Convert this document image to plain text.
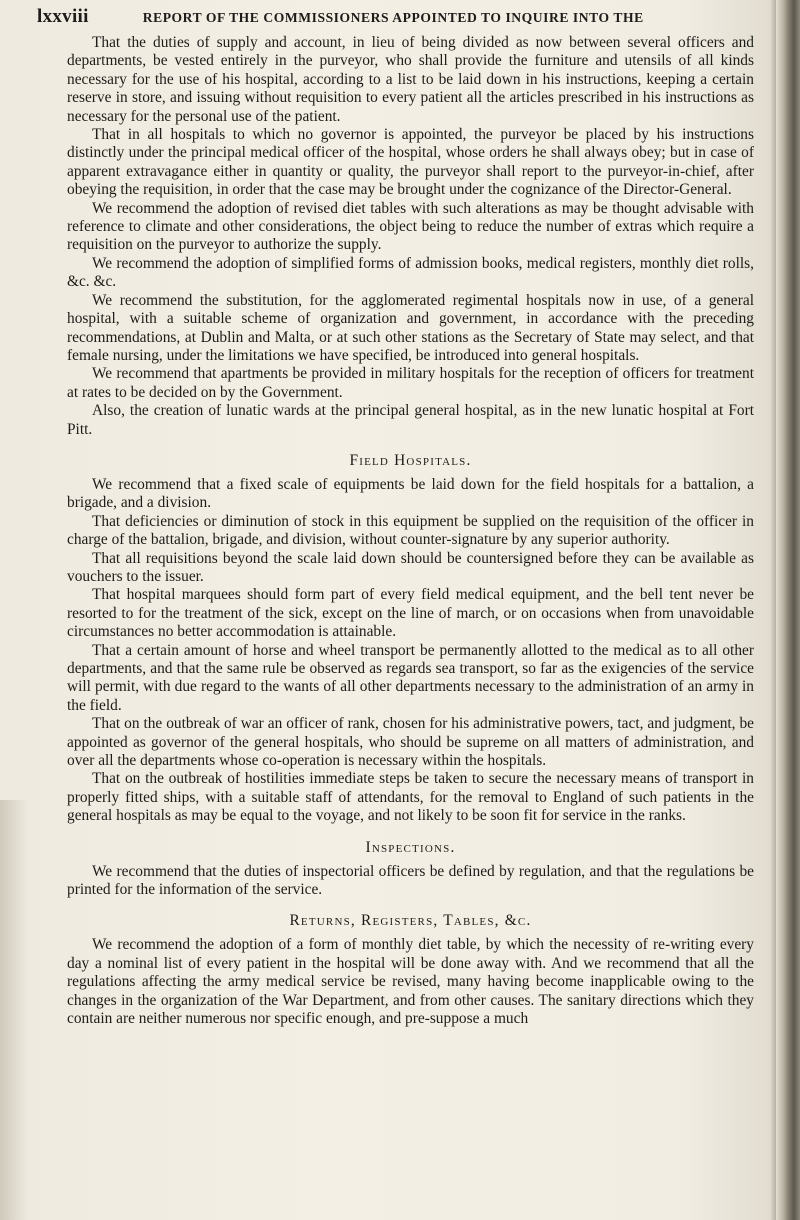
lxxviii	REPORT OF THE COMMISSIONERS APPOINTED TO INQUIRE INTO THE

That the duties of supply and account, in lieu of being divided as now between several officers and departments, be vested entirely in the purveyor, who shall provide the furniture and utensils of all kinds necessary for the use of his hospital, according to a list to be laid down in his instructions, keeping a certain reserve in store, and issuing without requisition to every patient all the articles prescribed in his instructions as necessary for the personal use of the patient.

That in all hospitals to which no governor is appointed, the purveyor be placed by his instructions distinctly under the principal medical officer of the hospital, whose orders he shall always obey; but in case of apparent extravagance either in quantity or quality, the purveyor shall report to the purveyor-in-chief, after obeying the requisition, in order that the case may be brought under the cognizance of the Director-General.

We recommend the adoption of revised diet tables with such alterations as may be thought advisable with reference to climate and other considerations, the object being to reduce the number of extras which require a requisition on the purveyor to authorize the supply.

We recommend the adoption of simplified forms of admission books, medical registers, monthly diet rolls, &c. &c.

We recommend the substitution, for the agglomerated regimental hospitals now in use, of a general hospital, with a suitable scheme of organization and government, in accordance with the preceding recommendations, at Dublin and Malta, or at such other stations as the Secretary of State may select, and that female nursing, under the limitations we have specified, be introduced into general hospitals.

We recommend that apartments be provided in military hospitals for the reception of officers for treatment at rates to be decided on by the Government.

Also, the creation of lunatic wards at the principal general hospital, as in the new lunatic hospital at Fort Pitt.

Field Hospitals.

We recommend that a fixed scale of equipments be laid down for the field hospitals for a battalion, a brigade, and a division.

That deficiencies or diminution of stock in this equipment be supplied on the requisition of the officer in charge of the battalion, brigade, and division, without counter-signature by any superior authority.

That all requisitions beyond the scale laid down should be countersigned before they can be available as vouchers to the issuer.

That hospital marquees should form part of every field medical equipment, and the bell tent never be resorted to for the treatment of the sick, except on the line of march, or on occasions when from unavoidable circumstances no better accommodation is attainable.

That a certain amount of horse and wheel transport be permanently allotted to the medical as to all other departments, and that the same rule be observed as regards sea transport, so far as the exigencies of the service will permit, with due regard to the wants of all other departments necessary to the administration of an army in the field.

That on the outbreak of war an officer of rank, chosen for his administrative powers, tact, and judgment, be appointed as governor of the general hospitals, who should be supreme on all matters of administration, and over all the departments whose co-operation is necessary within the hospitals.

That on the outbreak of hostilities immediate steps be taken to secure the necessary means of transport in properly fitted ships, with a suitable staff of attendants, for the removal to England of such patients in the general hospitals as may be equal to the voyage, and not likely to be soon fit for service in the ranks.

Inspections.

We recommend that the duties of inspectorial officers be defined by regulation, and that the regulations be printed for the information of the service.

Returns, Registers, Tables, &c.

We recommend the adoption of a form of monthly diet table, by which the necessity of re-writing every day a nominal list of every patient in the hospital will be done away with. And we recommend that all the regulations affecting the army medical service be revised, many having become inapplicable owing to the changes in the organization of the War Department, and from other causes. The sanitary directions which they contain are neither numerous nor specific enough, and pre-suppose a much
